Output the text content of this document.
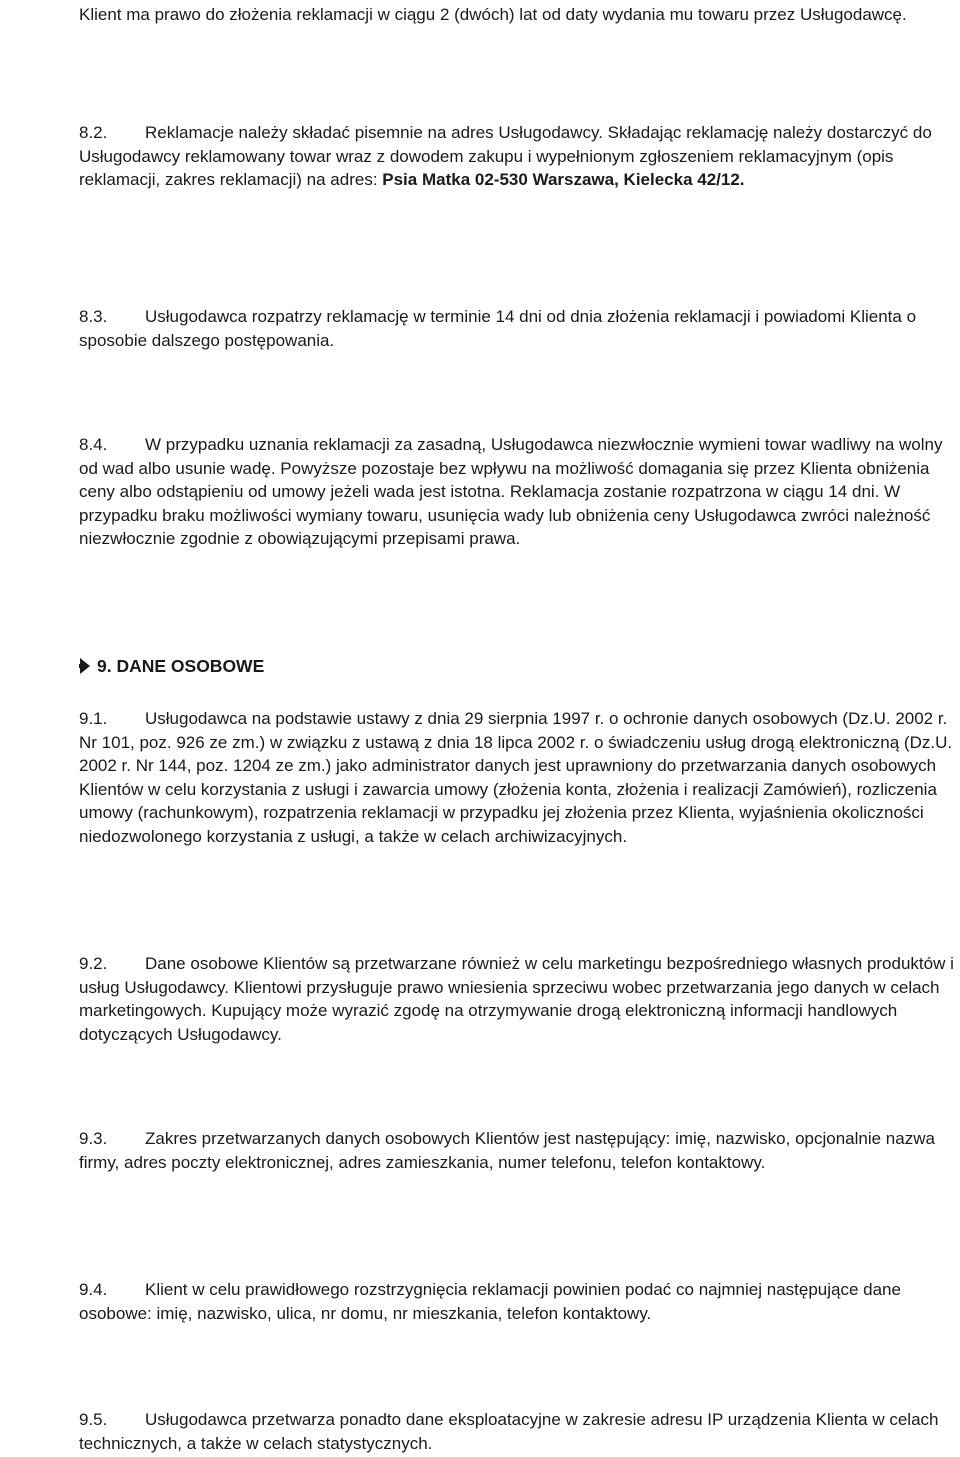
Klient ma prawo do złożenia reklamacji w ciągu 2 (dwóch) lat od daty wydania mu towaru przez Usługodawcę.

8.2. Reklamacje należy składać pisemnie na adres Usługodawcy. Składając reklamację należy dostarczyć do Usługodawcy reklamowany towar wraz z dowodem zakupu i wypełnionym zgłoszeniem reklamacyjnym (opis reklamacji, zakres reklamacji) na adres: Psia Matka 02-530 Warszawa, Kielecka 42/12.

8.3. Usługodawca rozpatrzy reklamację w terminie 14 dni od dnia złożenia reklamacji i powiadomi Klienta o sposobie dalszego postępowania.

8.4. W przypadku uznania reklamacji za zasadną, Usługodawca niezwłocznie wymieni towar wadliwy na wolny od wad albo usunie wadę. Powyższe pozostaje bez wpływu na możliwość domagania się przez Klienta obniżenia ceny albo odstąpieniu od umowy jeżeli wada jest istotna. Reklamacja zostanie rozpatrzona w ciągu 14 dni. W przypadku braku możliwości wymiany towaru, usunięcia wady lub obniżenia ceny Usługodawca zwróci należność niezwłocznie zgodnie z obowiązującymi przepisami prawa.

9. DANE OSOBOWE

9.1. Usługodawca na podstawie ustawy z dnia 29 sierpnia 1997 r. o ochronie danych osobowych (Dz.U. 2002 r. Nr 101, poz. 926 ze zm.) w związku z ustawą z dnia 18 lipca 2002 r. o świadczeniu usług drogą elektroniczną (Dz.U. 2002 r. Nr 144, poz. 1204 ze zm.) jako administrator danych jest uprawniony do przetwarzania danych osobowych Klientów w celu korzystania z usługi i zawarcia umowy (złożenia konta, złożenia i realizacji Zamówień), rozliczenia umowy (rachunkowym), rozpatrzenia reklamacji w przypadku jej złożenia przez Klienta, wyjaśnienia okoliczności niedozwolonego korzystania z usługi, a także w celach archiwizacyjnych.

9.2. Dane osobowe Klientów są przetwarzane również w celu marketingu bezpośredniego własnych produktów i usług Usługodawcy. Klientowi przysługuje prawo wniesienia sprzeciwu wobec przetwarzania jego danych w celach marketingowych. Kupujący może wyrazić zgodę na otrzymywanie drogą elektroniczną informacji handlowych dotyczących Usługodawcy.

9.3. Zakres przetwarzanych danych osobowych Klientów jest następujący: imię, nazwisko, opcjonalnie nazwa firmy, adres poczty elektronicznej, adres zamieszkania, numer telefonu, telefon kontaktowy.

9.4. Klient w celu prawidłowego rozstrzygnięcia reklamacji powinien podać co najmniej następujące dane osobowe: imię, nazwisko, ulica, nr domu, nr mieszkania, telefon kontaktowy.

9.5. Usługodawca przetwarza ponadto dane eksploatacyjne w zakresie adresu IP urządzenia Klienta w celach technicznych, a także w celach statystycznych.
